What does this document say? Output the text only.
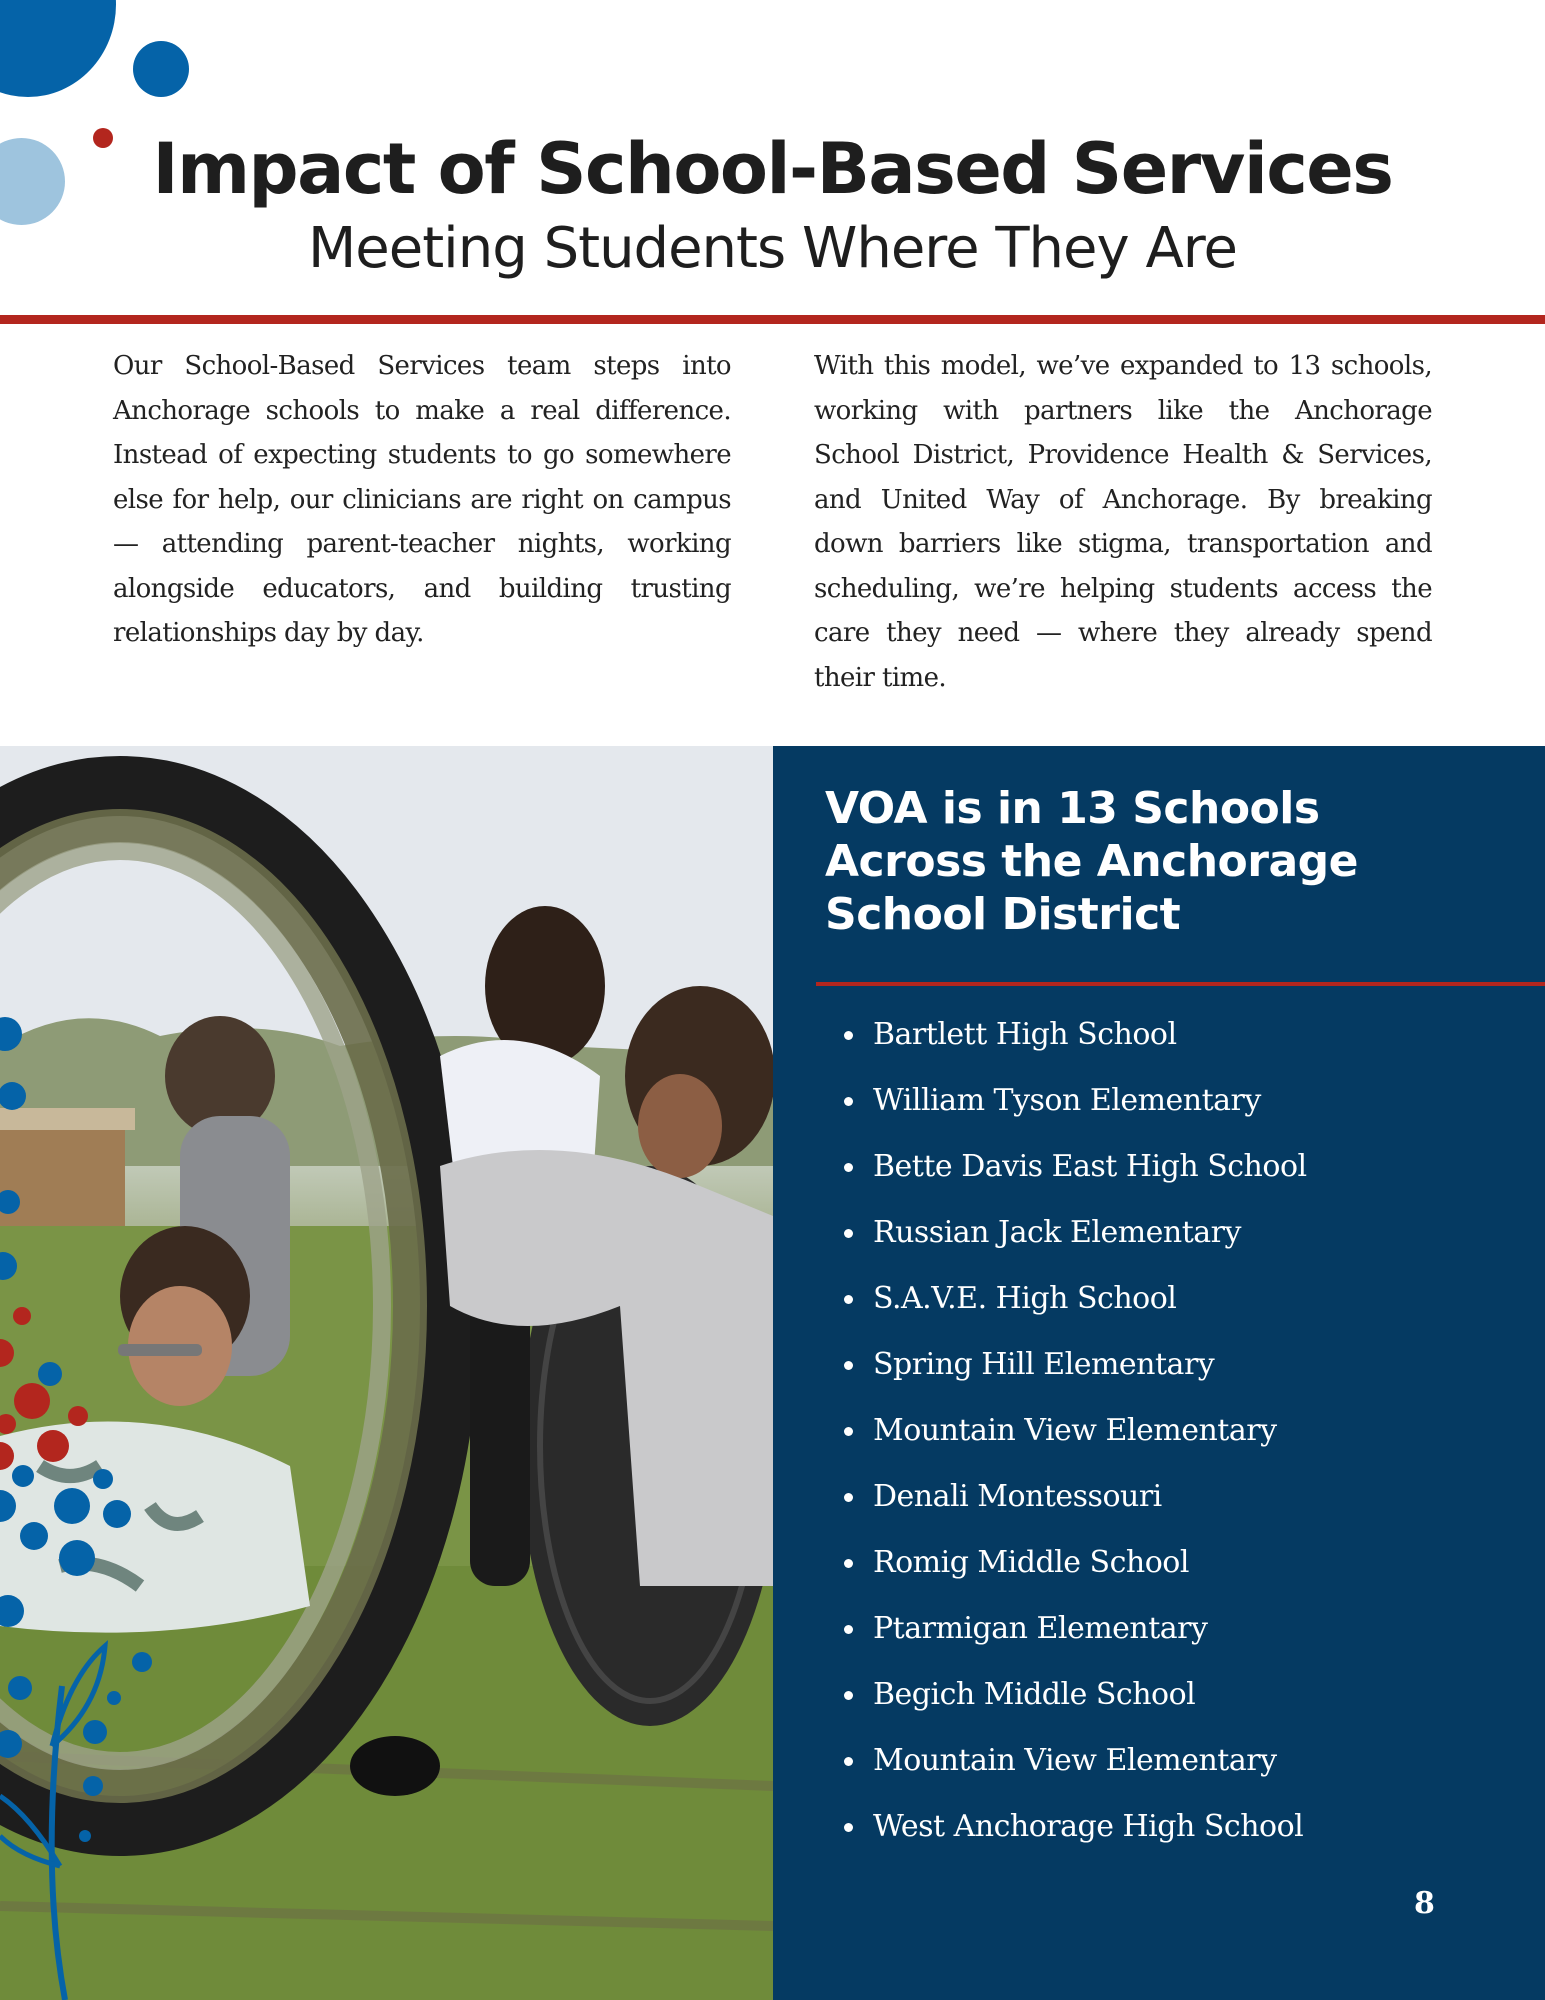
Impact of School-Based Services
Meeting Students Where They Are
Our School-Based Services team steps into Anchorage schools to make a real difference. Instead of expecting students to go somewhere else for help, our clinicians are right on campus — attending parent-teacher nights, working alongside educators, and building trusting relationships day by day.
With this model, we’ve expanded to 13 schools, working with partners like the Anchorage School District, Providence Health & Services, and United Way of Anchorage. By breaking down barriers like stigma, transportation and scheduling, we’re helping students access the care they need — where they already spend their time.
VOA is in 13 Schools
Across the Anchorage
School District
Bartlett High School
William Tyson Elementary
Bette Davis East High School
Russian Jack Elementary
S.A.V.E. High School
Spring Hill Elementary
Mountain View Elementary
Denali Montessouri
Romig Middle School
Ptarmigan Elementary
Begich Middle School
Mountain View Elementary
West Anchorage High School
8
